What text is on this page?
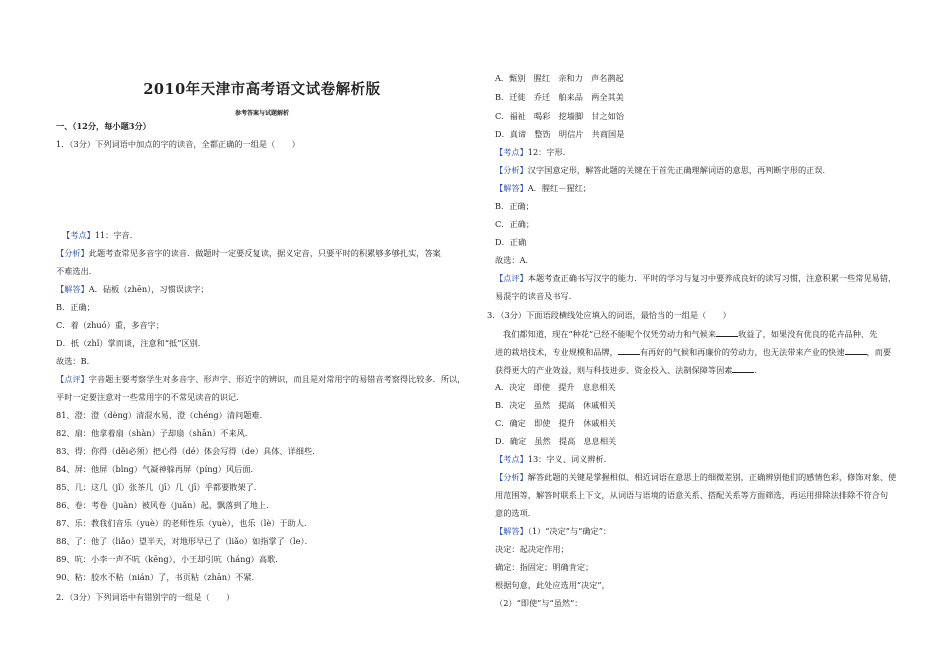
2010年天津市高考语文试卷解析版
参考答案与试题解析
一、（12分，每小题3分）
1．（3分）下列词语中加点的字的读音，全都正确的一组是（　　）
【考点】11：字音．
【分析】此题考查常见多音字的读音．做题时一定要反复读，据义定音，只要平时的积累够多够扎实，答案
不难选出．
【解答】A．砧板（zhēn），习惯误读字；
B．正确；
C．着（zhuó）重，多音字；
D．扺（zhǐ）掌而谈，注意和“抵”区别．
故选：B．
【点评】字音题主要考察学生对多音字、形声字、形近字的辨识，而且是对常用字的易错音考察得比较多．所以，
平时一定要注意对一些常用字的不常见读音的识记．
81、澄：澄（dèng）清混水易，澄（chéng）清问题难．
82、扇：他拿着扇（shàn）子却扇（shān）不来风．
83、得：你得（děi必须）把心得（dé）体会写得（de）具体、详细些．
84、屏：他屏（bǐng）气凝神躲再屏（píng）风后面．
85、几：这几（jǐ）张茶几（jī）几（jī）乎都要散架了．
86、卷：考卷（juàn）被风卷（juǎn）起，飘落到了地上．
87、乐：教我们音乐（yuè）的老师性乐（yuè），也乐（lè）于助人．
88、了：他了（liǎo）望半天，对地形早已了（liǎo）如指掌了（le）．
89、吭：小李一声不吭（kēng），小王却引吭（háng）高歌．
90、粘：胶水不粘（nián）了，书页粘（zhān）不紧．
2．（3分）下列词语中有错别字的一组是（　　）
A．甄别　腥红　亲和力　声名鹊起
B．迁徙　乔迁　舶来品　两全其美
C．福祉　喝彩　挖墙脚　甘之如饴
D．真谛　整饬　明信片　共商国是
【考点】12：字形．
【分析】汉字国意定形，解答此题的关键在于首先正确理解词语的意思，再判断字形的正误．
【解答】A．腥红－猩红；
B．正确；
C．正确；
D．正确
故选：A．
【点评】本题考查正确书写汉字的能力．平时的学习与复习中要养成良好的读写习惯，注意积累一些常见易错，
易混字的读音及书写．
3．（3分）下面语段横线处应填入的词语，最恰当的一组是（　　）
我们都知道，现在“种花”已经不能呢个仅凭劳动力和气候来	收益了，如果没有优良的花卉品种、先
进的栽培技术，专业规模和品牌，	有再好的气候和再廉价的劳动力，也无法带来产业的快速	，而要
获得更大的产业效益，则与科技进步、资金投入、法制保障等因素	．
A．决定　即使　提升　息息相关
B．决定　虽然　提高　休戚相关
C．确定　即使　提升　休戚相关
D．确定　虽然　提高　息息相关
【考点】13：字义、词义辨析．
【分析】解答此题的关键是掌握相似、相近词语在意思上的细微差别，正确辨别他们的感情色彩，修饰对象、使
用范围等，解答时联系上下文，从词语与语境的语意关系、搭配关系等方面筛选，再运用排除法排除不符合句
意的选项．
【解答】（1）“决定”与“确定”：
决定：起决定作用；
确定：指固定；明确肯定；
根据句意，此处应选用“决定”，
（2）“即使”与“虽然”：
